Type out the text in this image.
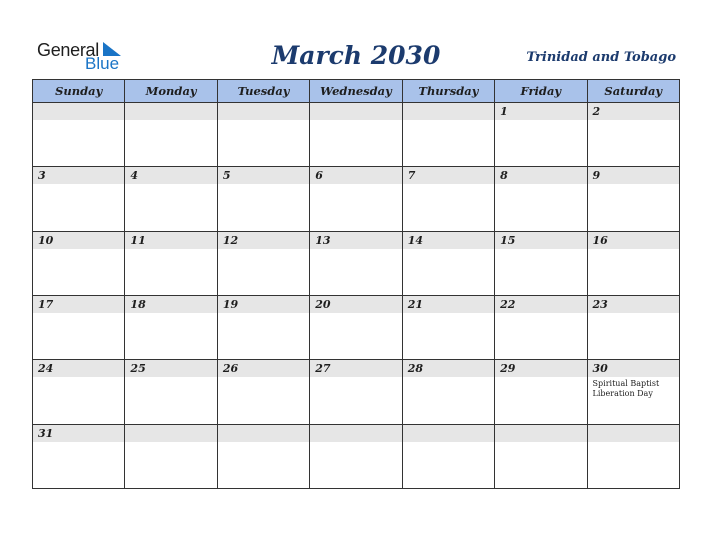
General
Blue	March 2030	Trinidad and Tobago
Sunday	Monday	Tuesday	Wednesday	Thursday	Friday	Saturday

					1	2

3	4	5	6	7	8	9

10	11	12	13	14	15	16

17	18	19	20	21	22	23

24	25	26	27	28	29	30
Spiritual Baptist Liberation Day

31						
